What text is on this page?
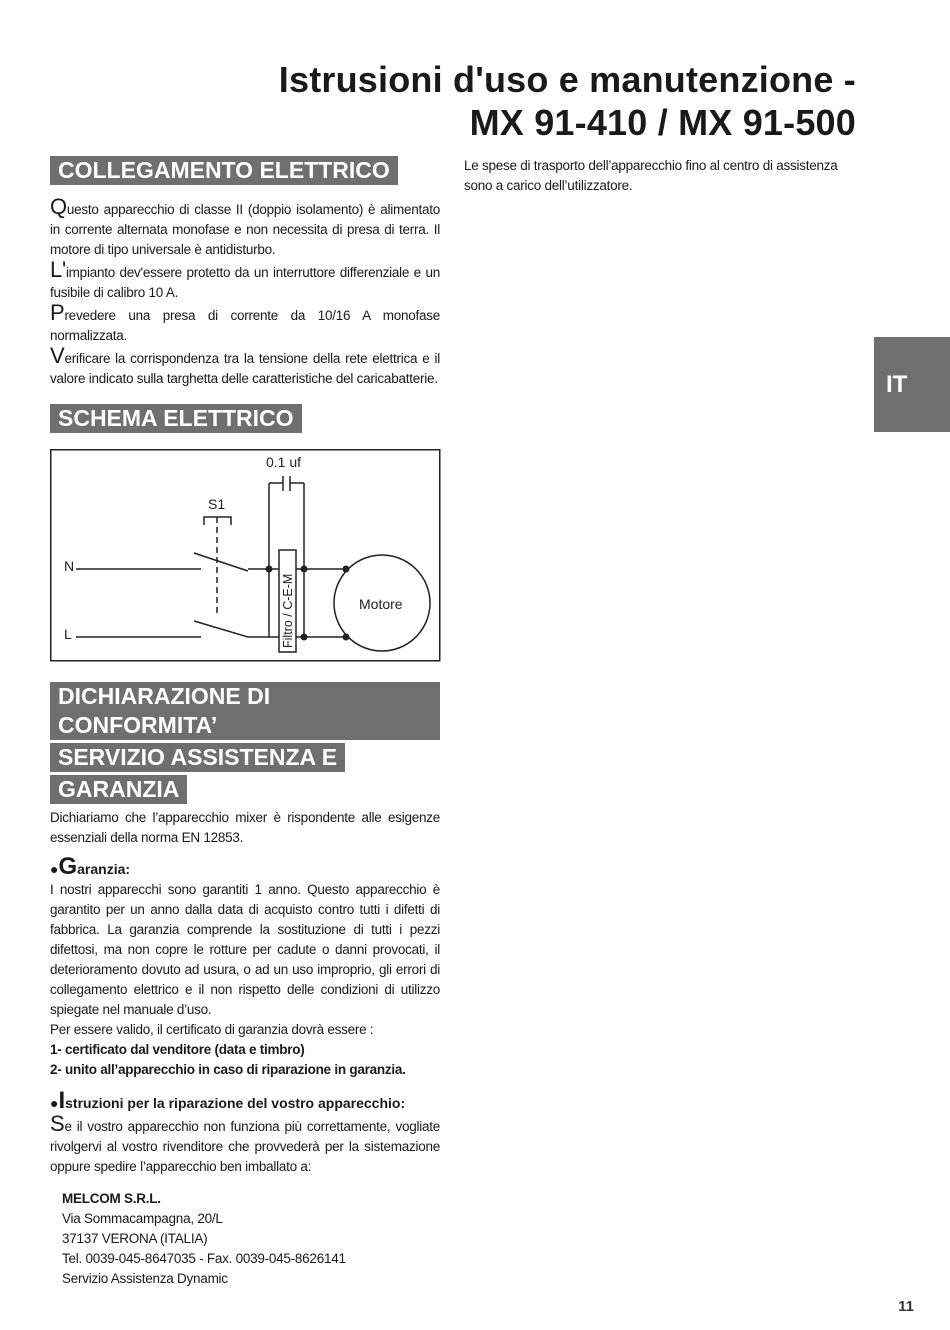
Istrusioni d'uso e manutenzione -
MX 91-410 / MX 91-500

Le spese di trasporto dell’apparecchio fino al centro di assistenza sono a carico dell’utilizzatore.

IT
COLLEGAMENTO ELETTRICO

Questo apparecchio di classe II (doppio isolamento) è alimentato in corrente alternata monofase e non necessita di presa di terra. Il motore di tipo universale è antidisturbo.

L'impianto dev'essere protetto da un interruttore differenziale e un fusibile di calibro 10 A.

Prevedere una presa di corrente da 10/16 A monofase normalizzata.

Verificare la corrispondenza tra la tensione della rete elettrica e il valore indicato sulla targhetta delle caratteristiche del caricabatterie.

SCHEMA ELETTRICO
0.1 uf
S1
N
L	Filtro / C-E-M	Motore
DICHIARAZIONE DI CONFORMITA’
SERVIZIO ASSISTENZA E
GARANZIA

Dichiariamo che l’apparecchio mixer è rispondente alle esigenze essenziali della norma EN 12853.

●Garanzia:

I nostri apparecchi sono garantiti 1 anno. Questo apparecchio è garantito per un anno dalla data di acquisto contro tutti i difetti di fabbrica. La garanzia comprende la sostituzione di tutti i pezzi difettosi, ma non copre le rotture per cadute o danni provocati, il deterioramento dovuto ad usura, o ad un uso improprio, gli errori di collegamento elettrico e il non rispetto delle condizioni di utilizzo spiegate nel manuale d’uso.

Per essere valido, il certificato di garanzia dovrà essere :

1- certificato dal venditore (data e timbro)

2- unito all’apparecchio in caso di riparazione in garanzia.

●Istruzioni per la riparazione del vostro apparecchio:

Se il vostro apparecchio non funziona più correttamente, vogliate rivolgervi al vostro rivenditore che provvederà per la sistemazione oppure spedire l’apparecchio ben imballato a:

MELCOM S.R.L.
Via Sommacampagna, 20/L
37137 VERONA (ITALIA)
Tel. 0039-045-8647035 - Fax. 0039-045-8626141
Servizio Assistenza Dynamic
11
